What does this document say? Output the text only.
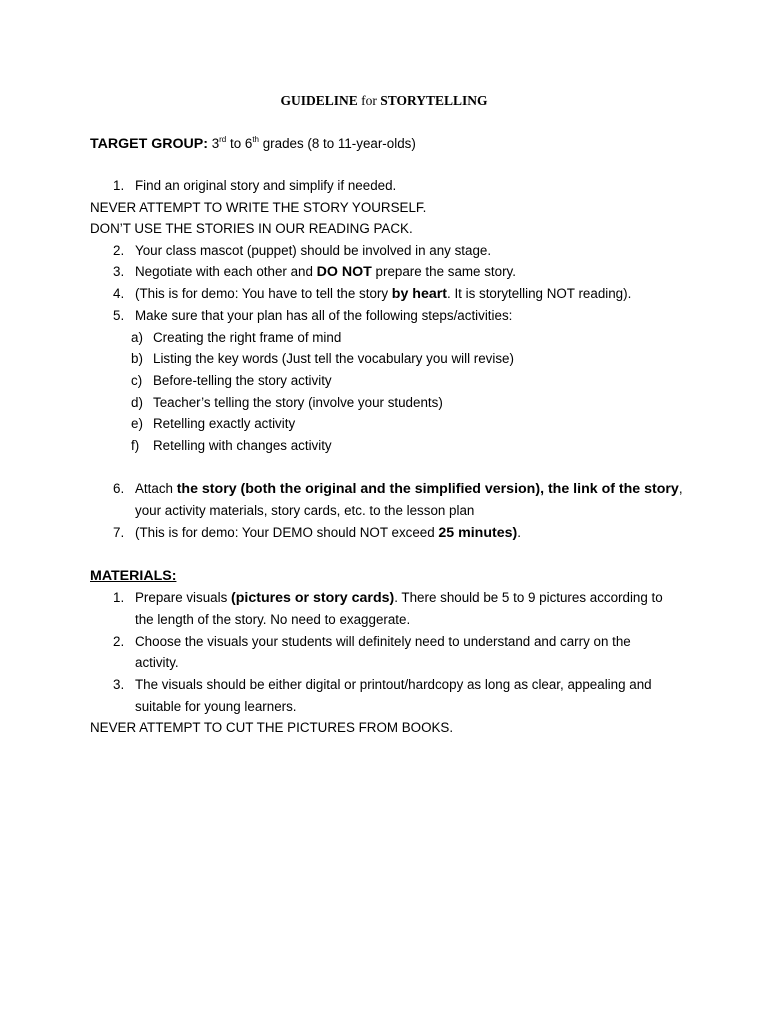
GUIDELINE for STORYTELLING
TARGET GROUP: 3rd to 6th grades (8 to 11-year-olds)
1. Find an original story and simplify if needed.
NEVER ATTEMPT TO WRITE THE STORY YOURSELF.
DON’T USE THE STORIES IN OUR READING PACK.
2. Your class mascot (puppet) should be involved in any stage.
3. Negotiate with each other and DO NOT prepare the same story.
4. (This is for demo: You have to tell the story by heart. It is storytelling NOT reading).
5. Make sure that your plan has all of the following steps/activities:
a) Creating the right frame of mind
b) Listing the key words (Just tell the vocabulary you will revise)
c) Before-telling the story activity
d) Teacher’s telling the story (involve your students)
e) Retelling exactly activity
f) Retelling with changes activity
6. Attach the story (both the original and the simplified version), the link of the story,
your activity materials, story cards, etc. to the lesson plan
7. (This is for demo: Your DEMO should NOT exceed 25 minutes).
MATERIALS:
1. Prepare visuals (pictures or story cards). There should be 5 to 9 pictures according to
the length of the story. No need to exaggerate.
2. Choose the visuals your students will definitely need to understand and carry on the
activity.
3. The visuals should be either digital or printout/hardcopy as long as clear, appealing and
suitable for young learners.
NEVER ATTEMPT TO CUT THE PICTURES FROM BOOKS.
